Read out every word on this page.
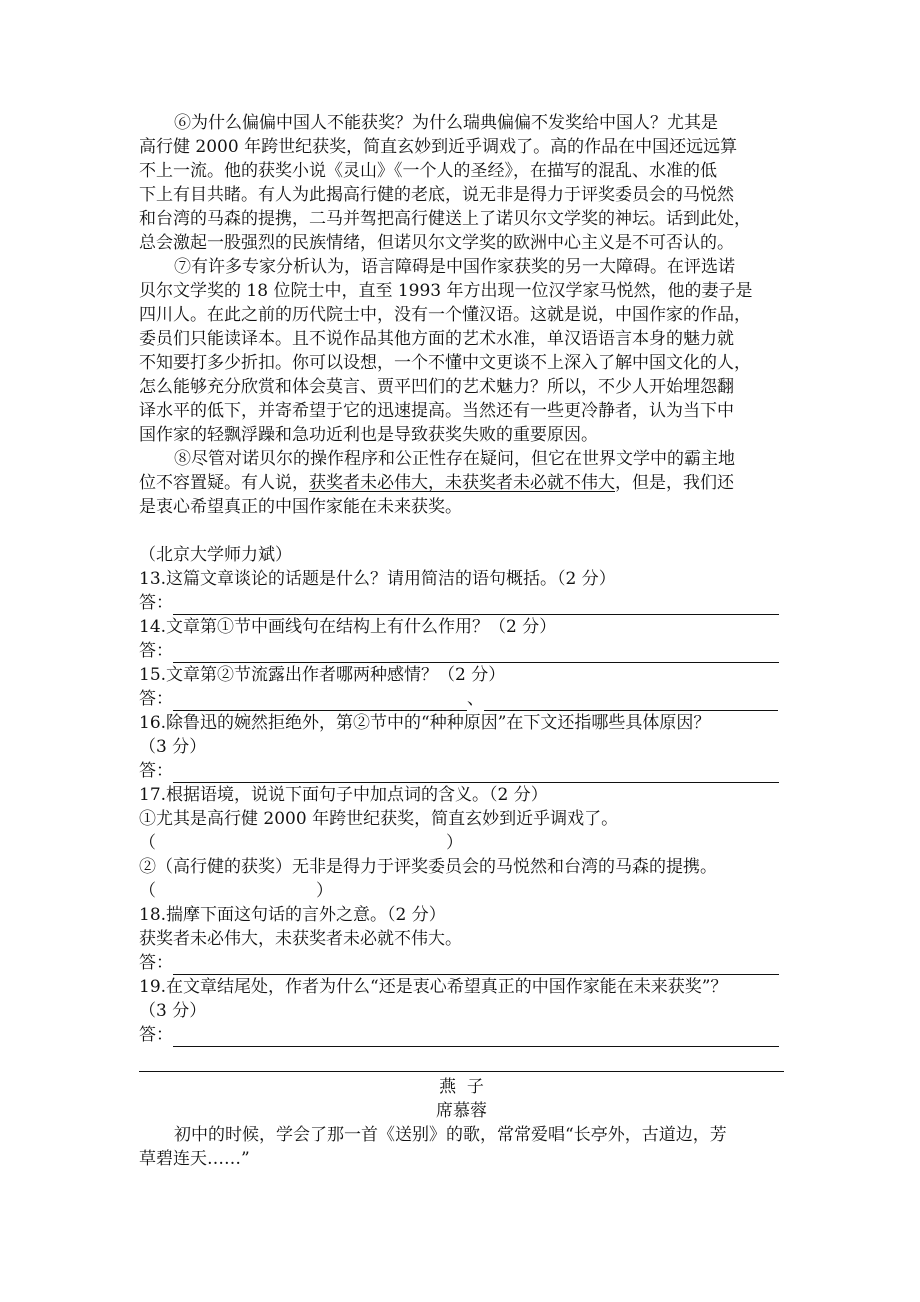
⑥为什么偏偏中国人不能获奖？为什么瑞典偏偏不发奖给中国人？尤其是
高行健 2000 年跨世纪获奖，简直玄妙到近乎调戏了。高的作品在中国还远远算
不上一流。他的获奖小说《灵山》《一个人的圣经》，在描写的混乱、水准的低
下上有目共睹。有人为此揭高行健的老底，说无非是得力于评奖委员会的马悦然
和台湾的马森的提携，二马并驾把高行健送上了诺贝尔文学奖的神坛。话到此处，
总会激起一股强烈的民族情绪，但诺贝尔文学奖的欧洲中心主义是不可否认的。
⑦有许多专家分析认为，语言障碍是中国作家获奖的另一大障碍。在评选诺
贝尔文学奖的 18 位院士中，直至 1993 年方出现一位汉学家马悦然，他的妻子是
四川人。在此之前的历代院士中，没有一个懂汉语。这就是说，中国作家的作品，
委员们只能读译本。且不说作品其他方面的艺术水准，单汉语语言本身的魅力就
不知要打多少折扣。你可以设想，一个不懂中文更谈不上深入了解中国文化的人，
怎么能够充分欣赏和体会莫言、贾平凹们的艺术魅力？所以，不少人开始埋怨翻
译水平的低下，并寄希望于它的迅速提高。当然还有一些更冷静者，认为当下中
国作家的轻飘浮躁和急功近利也是导致获奖失败的重要原因。
⑧尽管对诺贝尔的操作程序和公正性存在疑问，但它在世界文学中的霸主地
位不容置疑。有人说，获奖者未必伟大，未获奖者未必就不伟大，但是，我们还
是衷心希望真正的中国作家能在未来获奖。
（北京大学师力斌）
13.这篇文章谈论的话题是什么？请用简洁的语句概括。（2 分）
答：
14.文章第①节中画线句在结构上有什么作用？（2 分）
答：
15.文章第②节流露出作者哪两种感情？（2 分）
答：	、
16.除鲁迅的婉然拒绝外，第②节中的“种种原因”在下文还指哪些具体原因？
（3 分）
答：
17.根据语境，说说下面句子中加点词的含义。（2 分）
①尤其是高行健 2000 年跨世纪获奖，简直玄妙到近乎调戏了。
（	）
②（高行健的获奖）无非是得力于评奖委员会的马悦然和台湾的马森的提携。
（	）
18.揣摩下面这句话的言外之意。（2 分）
获奖者未必伟大，未获奖者未必就不伟大。
答：
19.在文章结尾处，作者为什么“还是衷心希望真正的中国作家能在未来获奖”？
（3 分）
答：
燕  子
席慕蓉
初中的时候，学会了那一首《送别》的歌，常常爱唱“长亭外，古道边，芳
草碧连天……”
